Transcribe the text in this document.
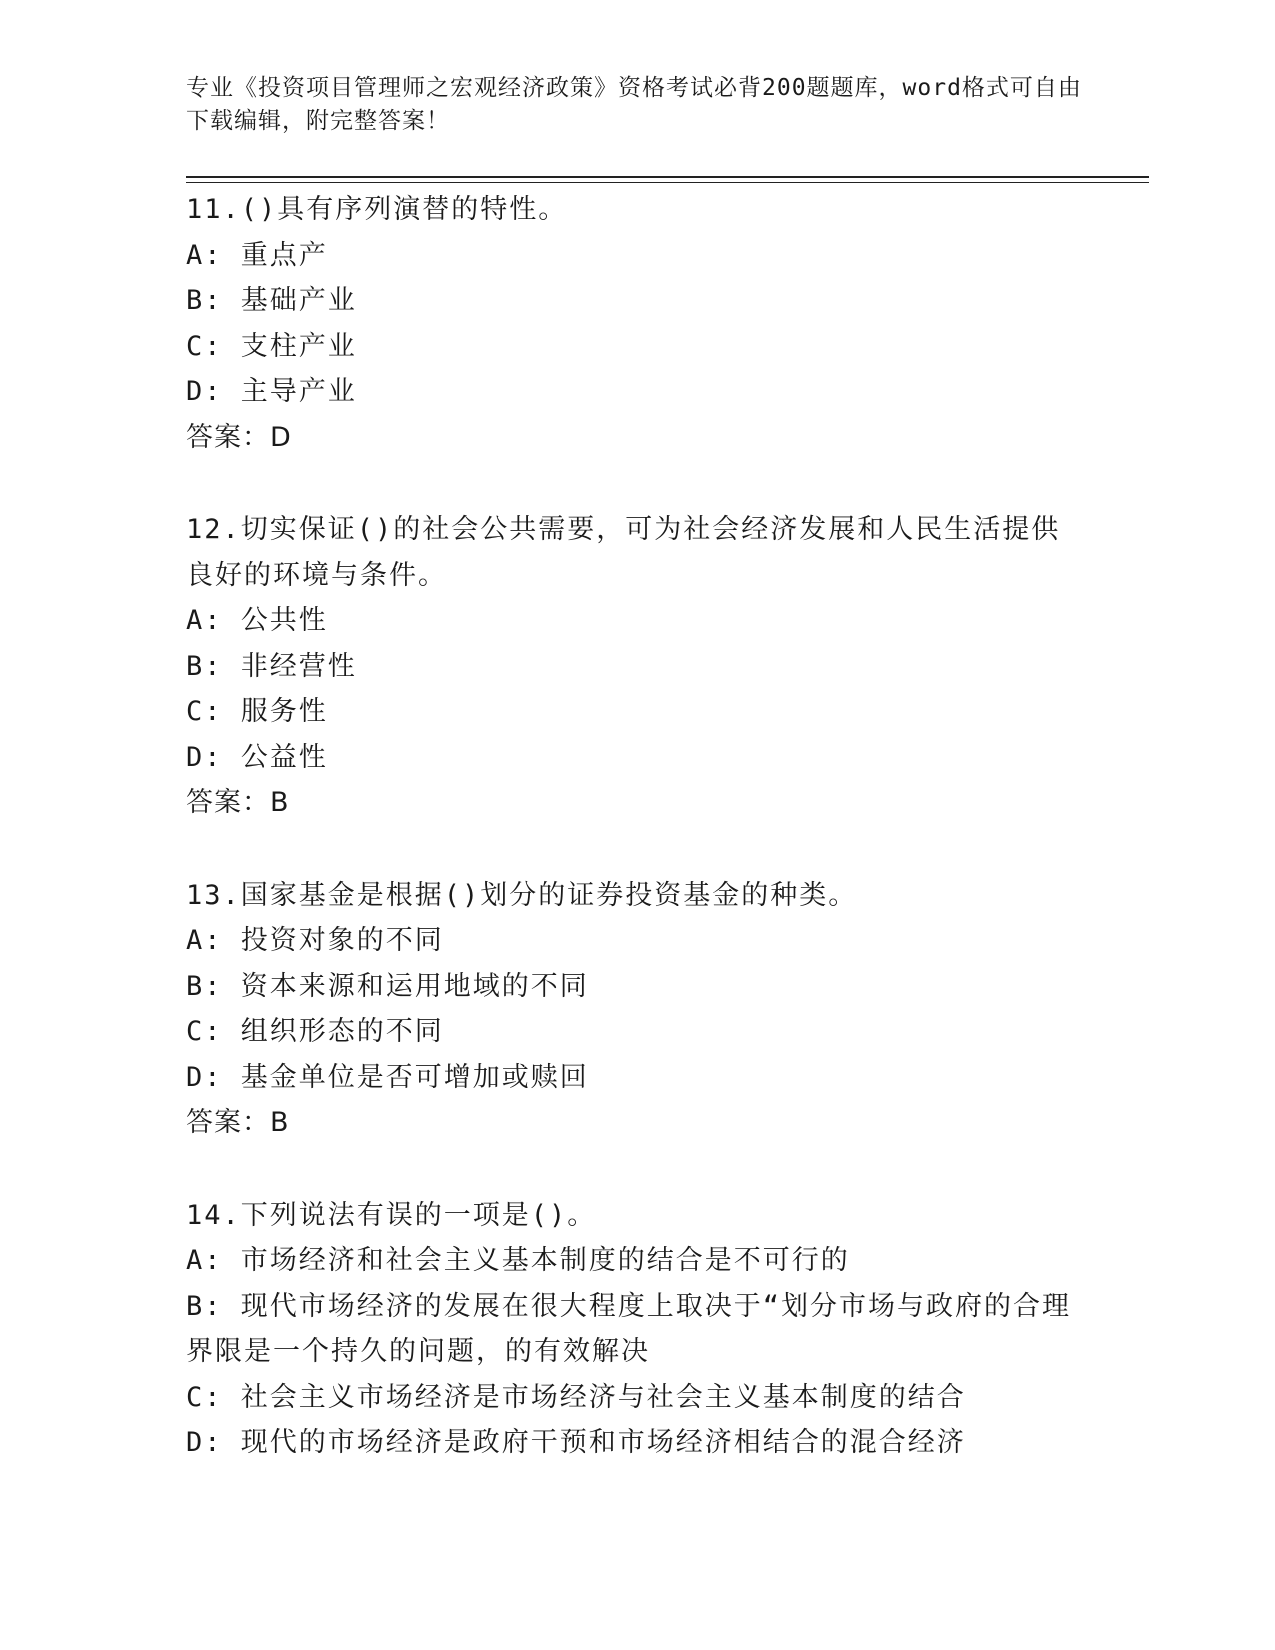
专业《投资项目管理师之宏观经济政策》资格考试必背200题题库，word格式可自由下载编辑，附完整答案！
11.()具有序列演替的特性。
A: 重点产
B: 基础产业
C: 支柱产业
D: 主导产业
答案：D
12.切实保证()的社会公共需要，可为社会经济发展和人民生活提供良好的环境与条件。
A: 公共性
B: 非经营性
C: 服务性
D: 公益性
答案：B
13.国家基金是根据()划分的证券投资基金的种类。
A: 投资对象的不同
B: 资本来源和运用地域的不同
C: 组织形态的不同
D: 基金单位是否可增加或赎回
答案：B
14.下列说法有误的一项是()。
A: 市场经济和社会主义基本制度的结合是不可行的
B: 现代市场经济的发展在很大程度上取决于“划分市场与政府的合理界限是一个持久的问题，的有效解决
C: 社会主义市场经济是市场经济与社会主义基本制度的结合
D: 现代的市场经济是政府干预和市场经济相结合的混合经济
